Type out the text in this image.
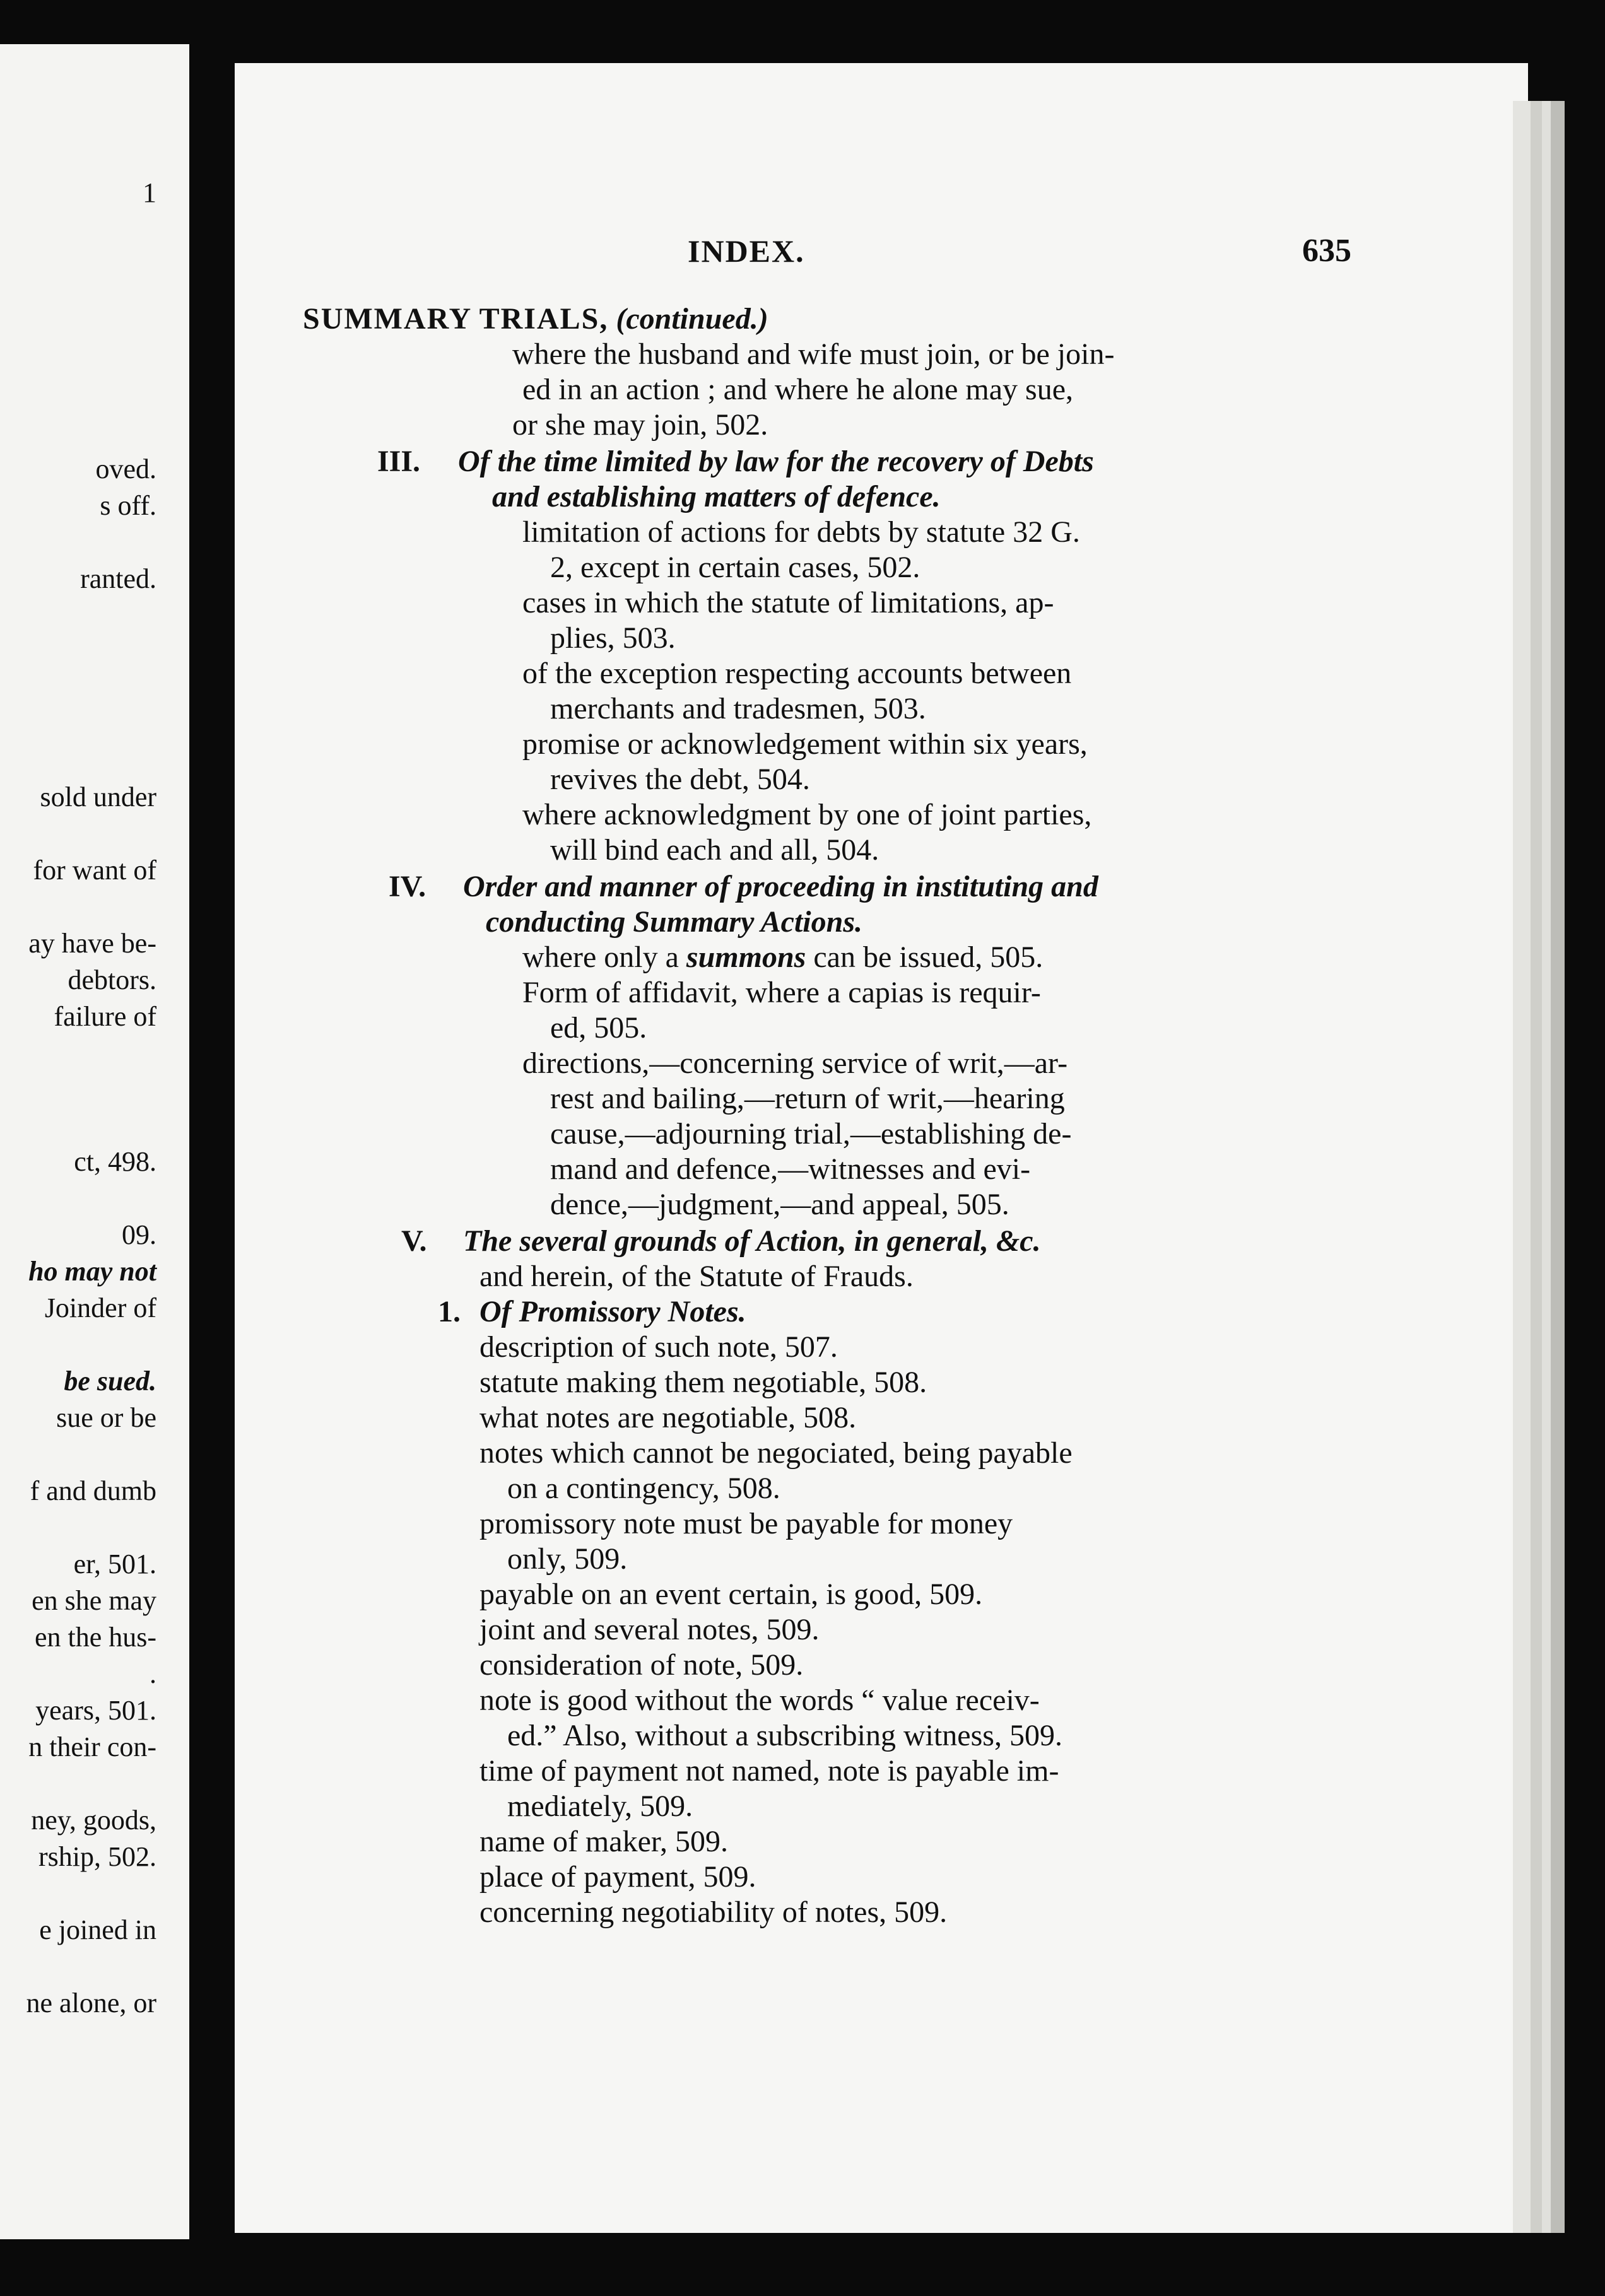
1
oved.
s off.
ranted.
sold under
for want of
ay have be-
debtors.
failure of
ct, 498.
09.
ho may not
Joinder of
be sued.
sue or be
f and dumb
er, 501.
en she may
en the hus-
.
years, 501.
n their con-
ney, goods,
rship, 502.
e joined in
ne alone, or
INDEX.	635
SUMMARY TRIALS, (continued.)
where the husband and wife must join, or be join-
ed in an action ; and where he alone may sue,
or she may join, 502.
III. Of the time limited by law for the recovery of Debts
and establishing matters of defence.
limitation of actions for debts by statute 32 G.
2, except in certain cases, 502.
cases in which the statute of limitations, ap-
plies, 503.
of the exception respecting accounts between
merchants and tradesmen, 503.
promise or acknowledgement within six years,
revives the debt, 504.
where acknowledgment by one of joint parties,
will bind each and all, 504.
IV. Order and manner of proceeding in instituting and
conducting Summary Actions.
where only a summons can be issued, 505.
Form of affidavit, where a capias is requir-
ed, 505.
directions,—concerning service of writ,—ar-
rest and bailing,—return of writ,—hearing
cause,—adjourning trial,—establishing de-
mand and defence,—witnesses and evi-
dence,—judgment,—and appeal, 505.
V. The several grounds of Action, in general, &c.
and herein, of the Statute of Frauds.
1. Of Promissory Notes.
description of such note, 507.
statute making them negotiable, 508.
what notes are negotiable, 508.
notes which cannot be negociated, being payable
on a contingency, 508.
promissory note must be payable for money
only, 509.
payable on an event certain, is good, 509.
joint and several notes, 509.
consideration of note, 509.
note is good without the words “ value receiv-
ed.” Also, without a subscribing witness, 509.
time of payment not named, note is payable im-
mediately, 509.
name of maker, 509.
place of payment, 509.
concerning negotiability of notes, 509.
